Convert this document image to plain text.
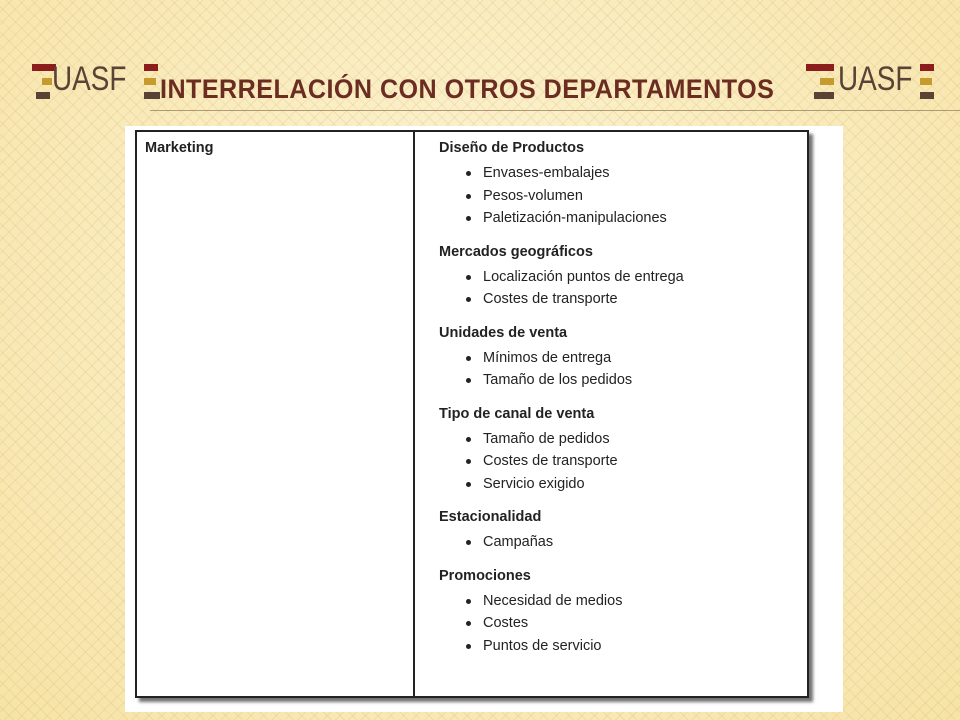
UASF INTERRELACIÓN CON OTROS DEPARTAMENTOS UASF
Marketing	Diseño de Productos
Envases-embalajes
Pesos-volumen
Paletización-manipulaciones
Mercados geográficos
Localización puntos de entrega
Costes de transporte
Unidades de venta
Mínimos de entrega
Tamaño de los pedidos
Tipo de canal de venta
Tamaño de pedidos
Costes de transporte
Servicio exigido
Estacionalidad
Campañas
Promociones
Necesidad de medios
Costes
Puntos de servicio
